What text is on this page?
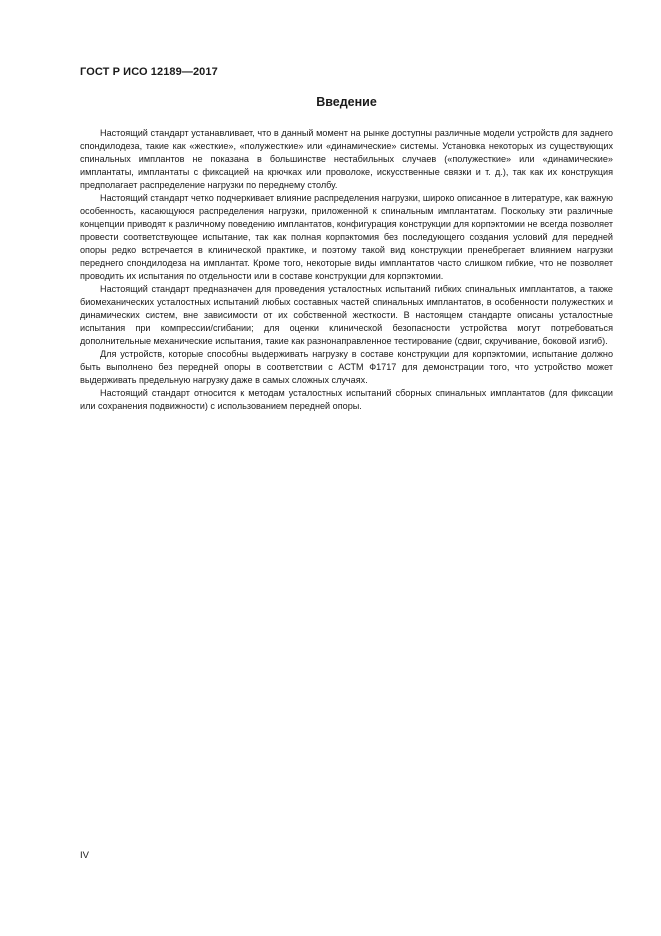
ГОСТ Р ИСО 12189—2017
Введение

Настоящий стандарт устанавливает, что в данный момент на рынке доступны различные модели устройств для заднего спондилодеза, такие как «жесткие», «полужесткие» или «динамические» системы. Установка некоторых из существующих спинальных имплантов не показана в большинстве нестабильных случаев («полужесткие» или «динамические» имплантаты, имплантаты с фиксацией на крючках или проволоке, искусственные связки и т. д.), так как их конструкция предполагает распределение нагрузки по переднему столбу.

Настоящий стандарт четко подчеркивает влияние распределения нагрузки, широко описанное в литературе, как важную особенность, касающуюся распределения нагрузки, приложенной к спинальным имплантатам. Поскольку эти различные концепции приводят к различному поведению имплантатов, конфигурация конструкции для корпэктомии не всегда позволяет провести соответствующее испытание, так как полная корпэктомия без последующего создания условий для передней опоры редко встречается в клинической практике, и поэтому такой вид конструкции пренебрегает влиянием нагрузки переднего спондилодеза на имплантат. Кроме того, некоторые виды имплантатов часто слишком гибкие, что не позволяет проводить их испытания по отдельности или в составе конструкции для корпэктомии.

Настоящий стандарт предназначен для проведения усталостных испытаний гибких спинальных имплантатов, а также биомеханических усталостных испытаний любых составных частей спинальных имплантатов, в особенности полужестких и динамических систем, вне зависимости от их собственной жесткости. В настоящем стандарте описаны усталостные испытания при компрессии/сгибании; для оценки клинической безопасности устройства могут потребоваться дополнительные механические испытания, такие как разнонаправленное тестирование (сдвиг, скручивание, боковой изгиб).

Для устройств, которые способны выдерживать нагрузку в составе конструкции для корпэктомии, испытание должно быть выполнено без передней опоры в соответствии с АСТМ Ф1717 для демонстрации того, что устройство может выдерживать предельную нагрузку даже в самых сложных случаях.

Настоящий стандарт относится к методам усталостных испытаний сборных спинальных имплантатов (для фиксации или сохранения подвижности) с использованием передней опоры.

IV
